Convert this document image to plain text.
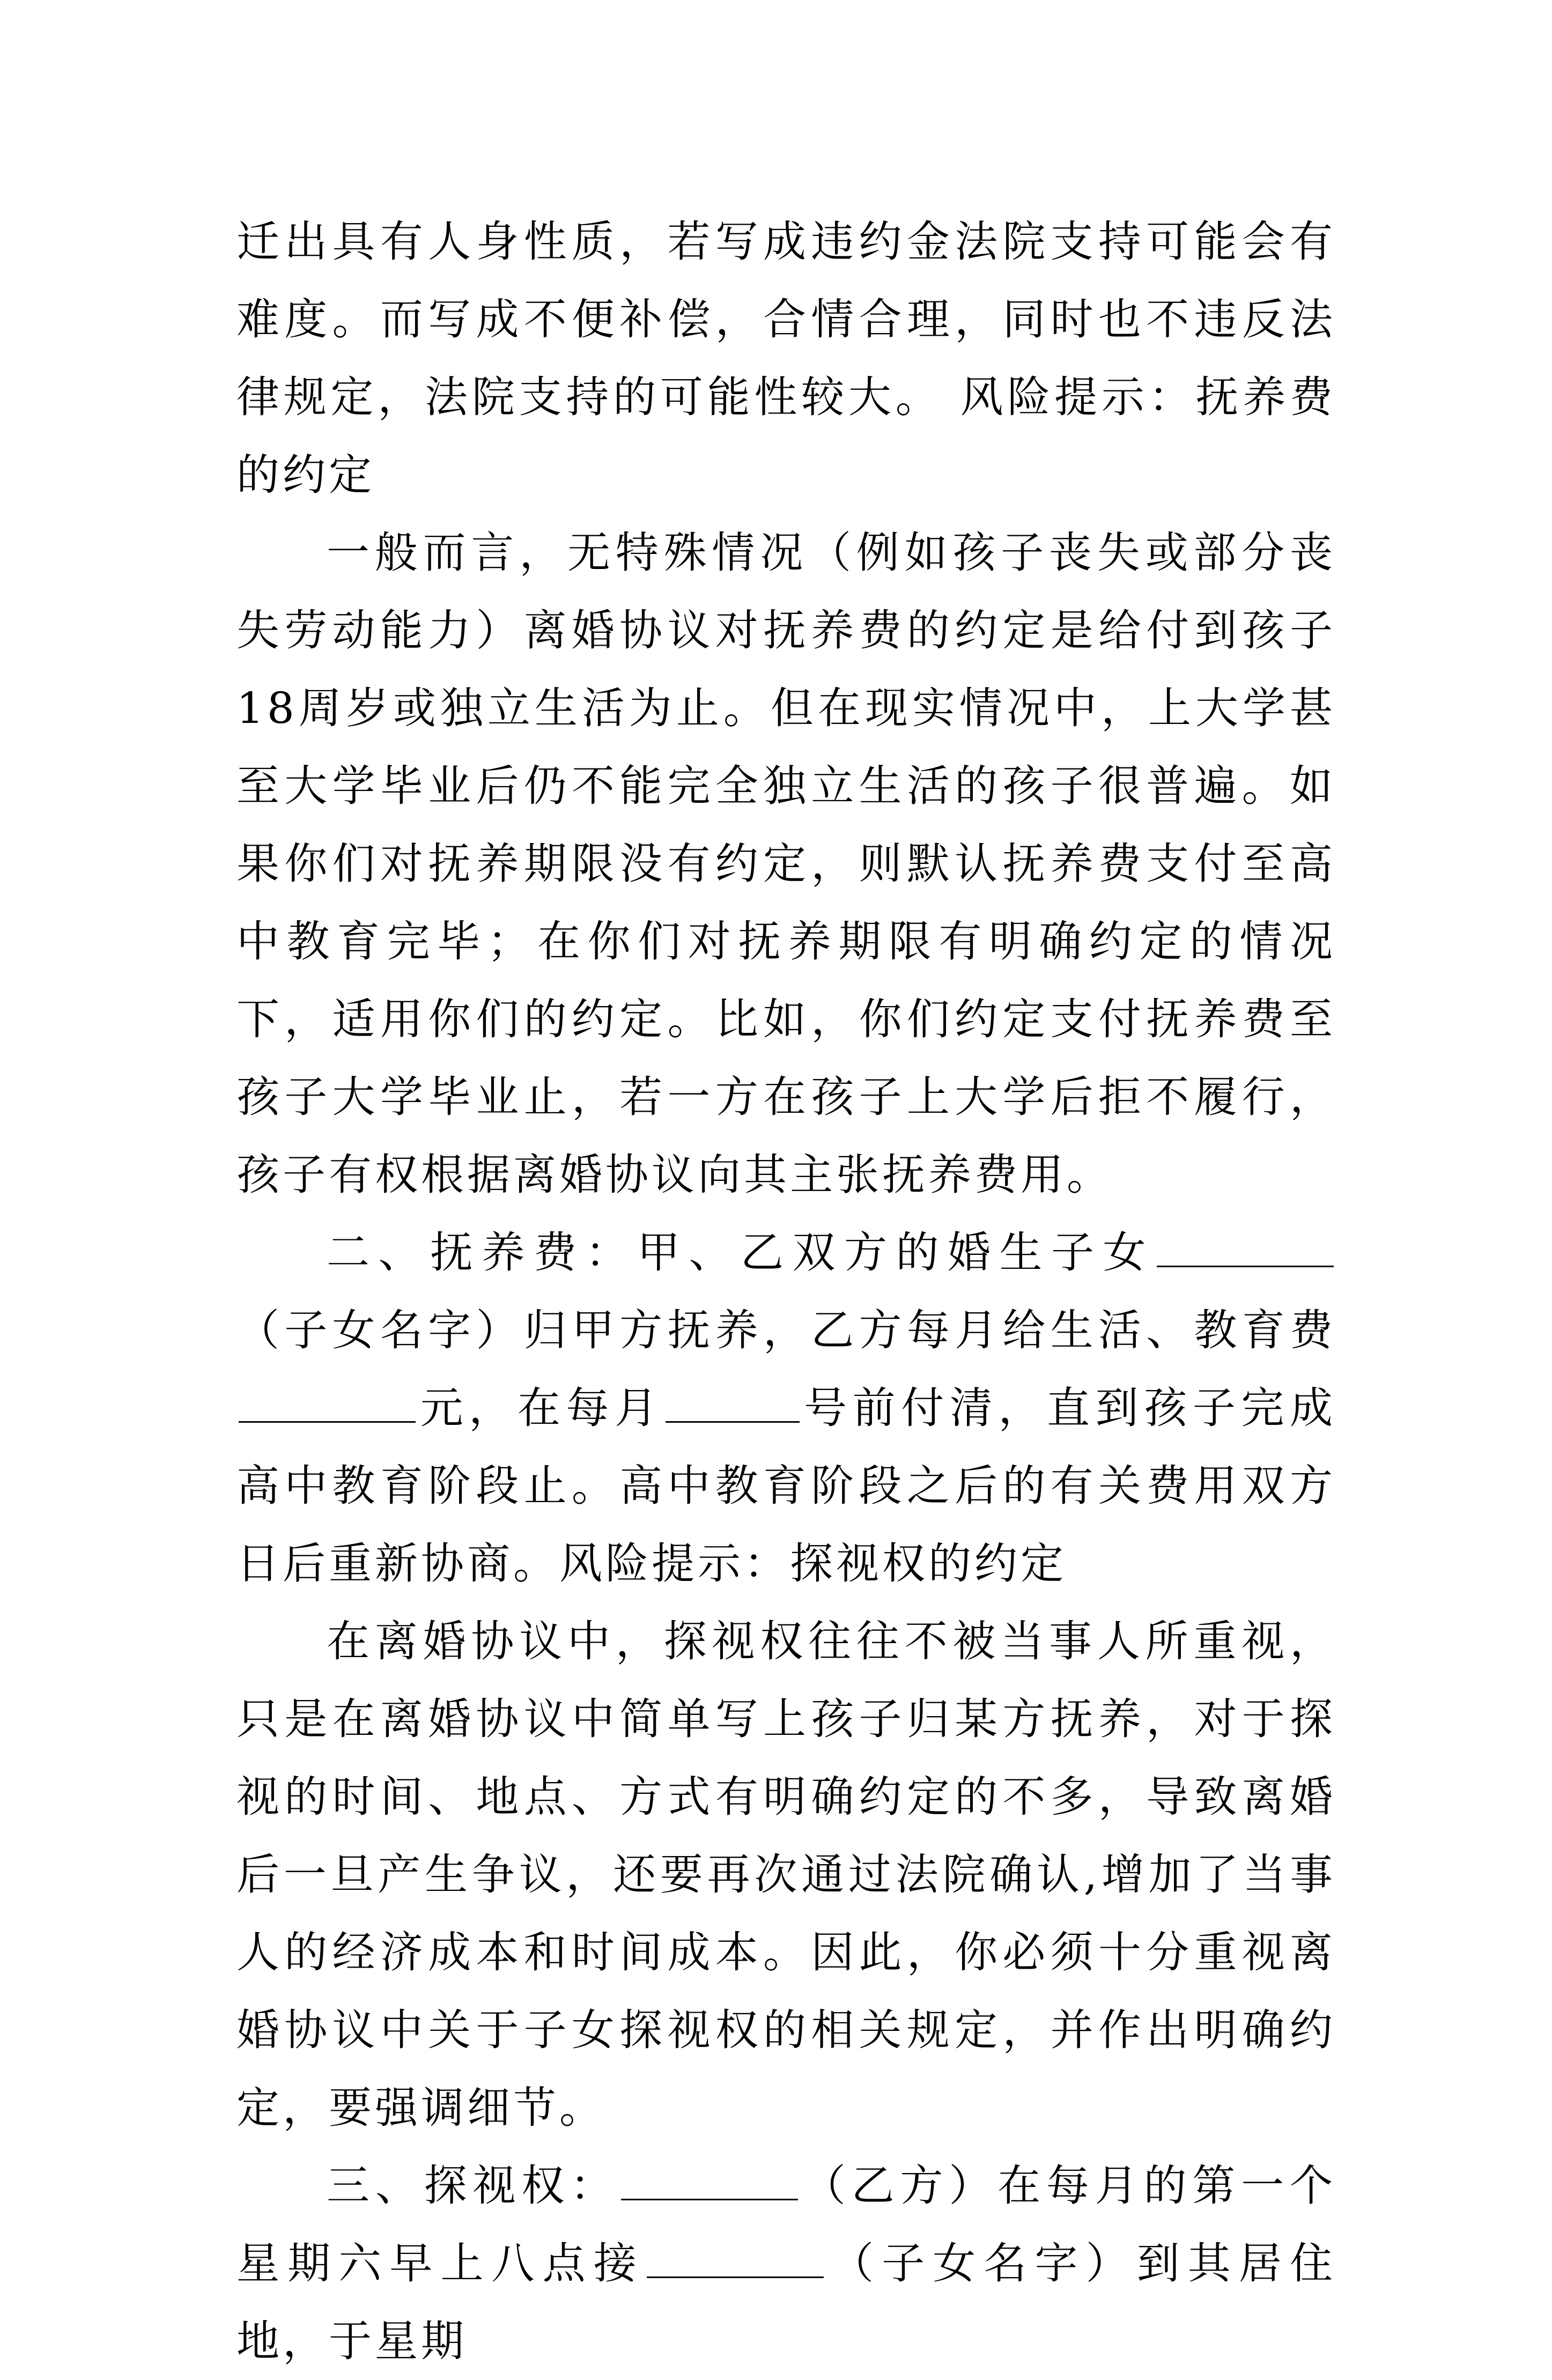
迁出具有人身性质，若写成违约金法院支持可能会有难度。而写成不便补偿，合情合理，同时也不违反法律规定，法院支持的可能性较大。 风险提示：抚养费的约定

一般而言，无特殊情况（例如孩子丧失或部分丧失劳动能力）离婚协议对抚养费的约定是给付到孩子18周岁或独立生活为止。但在现实情况中，上大学甚至大学毕业后仍不能完全独立生活的孩子很普遍。如果你们对抚养期限没有约定，则默认抚养费支付至高中教育完毕；在你们对抚养期限有明确约定的情况下，适用你们的约定。比如，你们约定支付抚养费至孩子大学毕业止，若一方在孩子上大学后拒不履行，孩子有权根据离婚协议向其主张抚养费用。

二、抚养费：甲、乙双方的婚生子女（子女名字）归甲方抚养，乙方每月给生活、教育费元，在每月	号前付清，直到孩子完成高中教育阶段止。高中教育阶段之后的有关费用双方日后重新协商。风险提示：探视权的约定

在离婚协议中，探视权往往不被当事人所重视，只是在离婚协议中简单写上孩子归某方抚养，对于探视的时间、地点、方式有明确约定的不多，导致离婚后一旦产生争议，还要再次通过法院确认,增加了当事人的经济成本和时间成本。因此，你必须十分重视离婚协议中关于子女探视权的相关规定，并作出明确约定，要强调细节。

三、探视权：	（乙方）在每月的第一个星期六早上八点接	（子女名字）到其居住地，于星期
